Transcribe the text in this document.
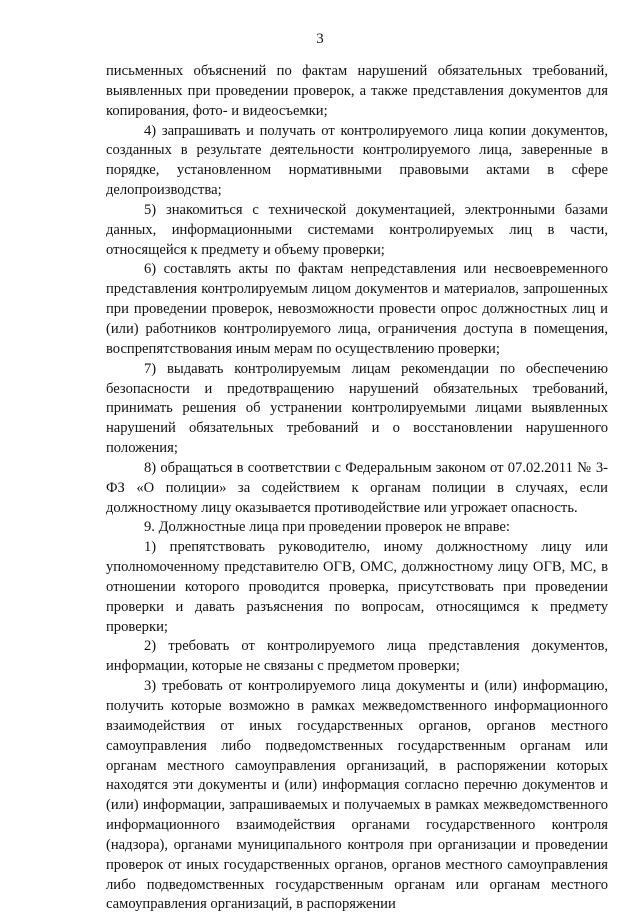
3

письменных объяснений по фактам нарушений обязательных требований, выявленных при проведении проверок, а также представления документов для копирования, фото- и видеосъемки;

4) запрашивать и получать от контролируемого лица копии документов, созданных в результате деятельности контролируемого лица, заверенные в порядке, установленном нормативными правовыми актами в сфере делопроизводства;

5) знакомиться с технической документацией, электронными базами данных, информационными системами контролируемых лиц в части, относящейся к предмету и объему проверки;

6) составлять акты по фактам непредставления или несвоевременного представления контролируемым лицом документов и материалов, запрошенных при проведении проверок, невозможности провести опрос должностных лиц и (или) работников контролируемого лица, ограничения доступа в помещения, воспрепятствования иным мерам по осуществлению проверки;

7) выдавать контролируемым лицам рекомендации по обеспечению безопасности и предотвращению нарушений обязательных требований, принимать решения об устранении контролируемыми лицами выявленных нарушений обязательных требований и о восстановлении нарушенного положения;

8) обращаться в соответствии с Федеральным законом от 07.02.2011 № 3-ФЗ «О полиции» за содействием к органам полиции в случаях, если должностному лицу оказывается противодействие или угрожает опасность.

9. Должностные лица при проведении проверок не вправе:

1) препятствовать руководителю, иному должностному лицу или уполномоченному представителю ОГВ, ОМС, должностному лицу ОГВ, МС, в отношении которого проводится проверка, присутствовать при проведении проверки и давать разъяснения по вопросам, относящимся к предмету проверки;

2) требовать от контролируемого лица представления документов, информации, которые не связаны с предметом проверки;

3) требовать от контролируемого лица документы и (или) информацию, получить которые возможно в рамках межведомственного информационного взаимодействия от иных государственных органов, органов местного самоуправления либо подведомственных государственным органам или органам местного самоуправления организаций, в распоряжении которых находятся эти документы и (или) информация согласно перечню документов и (или) информации, запрашиваемых и получаемых в рамках межведомственного информационного взаимодействия органами государственного контроля (надзора), органами муниципального контроля при организации и проведении проверок от иных государственных органов, органов местного самоуправления либо подведомственных государственным органам или органам местного самоуправления организаций, в распоряжении
